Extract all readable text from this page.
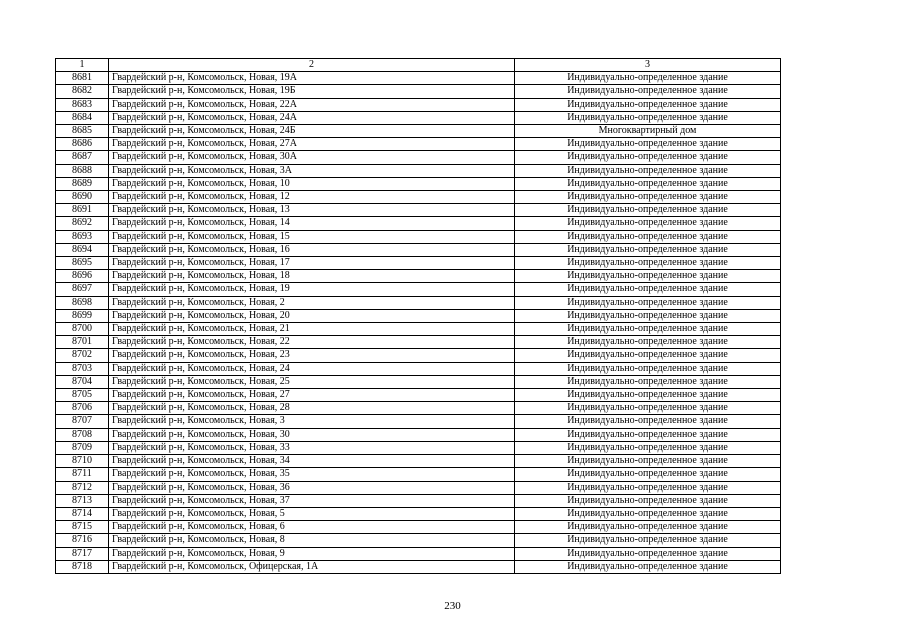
1	2	3
8681	Гвардейский р-н, Комсомольск, Новая, 19А	Индивидуально-определенное здание
8682	Гвардейский р-н, Комсомольск, Новая, 19Б	Индивидуально-определенное здание
8683	Гвардейский р-н, Комсомольск, Новая, 22А	Индивидуально-определенное здание
8684	Гвардейский р-н, Комсомольск, Новая, 24А	Индивидуально-определенное здание
8685	Гвардейский р-н, Комсомольск, Новая, 24Б	Многоквартирный дом
8686	Гвардейский р-н, Комсомольск, Новая, 27А	Индивидуально-определенное здание
8687	Гвардейский р-н, Комсомольск, Новая, 30А	Индивидуально-определенное здание
8688	Гвардейский р-н, Комсомольск, Новая, 3А	Индивидуально-определенное здание
8689	Гвардейский р-н, Комсомольск, Новая, 10	Индивидуально-определенное здание
8690	Гвардейский р-н, Комсомольск, Новая, 12	Индивидуально-определенное здание
8691	Гвардейский р-н, Комсомольск, Новая, 13	Индивидуально-определенное здание
8692	Гвардейский р-н, Комсомольск, Новая, 14	Индивидуально-определенное здание
8693	Гвардейский р-н, Комсомольск, Новая, 15	Индивидуально-определенное здание
8694	Гвардейский р-н, Комсомольск, Новая, 16	Индивидуально-определенное здание
8695	Гвардейский р-н, Комсомольск, Новая, 17	Индивидуально-определенное здание
8696	Гвардейский р-н, Комсомольск, Новая, 18	Индивидуально-определенное здание
8697	Гвардейский р-н, Комсомольск, Новая, 19	Индивидуально-определенное здание
8698	Гвардейский р-н, Комсомольск, Новая, 2	Индивидуально-определенное здание
8699	Гвардейский р-н, Комсомольск, Новая, 20	Индивидуально-определенное здание
8700	Гвардейский р-н, Комсомольск, Новая, 21	Индивидуально-определенное здание
8701	Гвардейский р-н, Комсомольск, Новая, 22	Индивидуально-определенное здание
8702	Гвардейский р-н, Комсомольск, Новая, 23	Индивидуально-определенное здание
8703	Гвардейский р-н, Комсомольск, Новая, 24	Индивидуально-определенное здание
8704	Гвардейский р-н, Комсомольск, Новая, 25	Индивидуально-определенное здание
8705	Гвардейский р-н, Комсомольск, Новая, 27	Индивидуально-определенное здание
8706	Гвардейский р-н, Комсомольск, Новая, 28	Индивидуально-определенное здание
8707	Гвардейский р-н, Комсомольск, Новая, 3	Индивидуально-определенное здание
8708	Гвардейский р-н, Комсомольск, Новая, 30	Индивидуально-определенное здание
8709	Гвардейский р-н, Комсомольск, Новая, 33	Индивидуально-определенное здание
8710	Гвардейский р-н, Комсомольск, Новая, 34	Индивидуально-определенное здание
8711	Гвардейский р-н, Комсомольск, Новая, 35	Индивидуально-определенное здание
8712	Гвардейский р-н, Комсомольск, Новая, 36	Индивидуально-определенное здание
8713	Гвардейский р-н, Комсомольск, Новая, 37	Индивидуально-определенное здание
8714	Гвардейский р-н, Комсомольск, Новая, 5	Индивидуально-определенное здание
8715	Гвардейский р-н, Комсомольск, Новая, 6	Индивидуально-определенное здание
8716	Гвардейский р-н, Комсомольск, Новая, 8	Индивидуально-определенное здание
8717	Гвардейский р-н, Комсомольск, Новая, 9	Индивидуально-определенное здание
8718	Гвардейский р-н, Комсомольск, Офицерская, 1А	Индивидуально-определенное здание
230
